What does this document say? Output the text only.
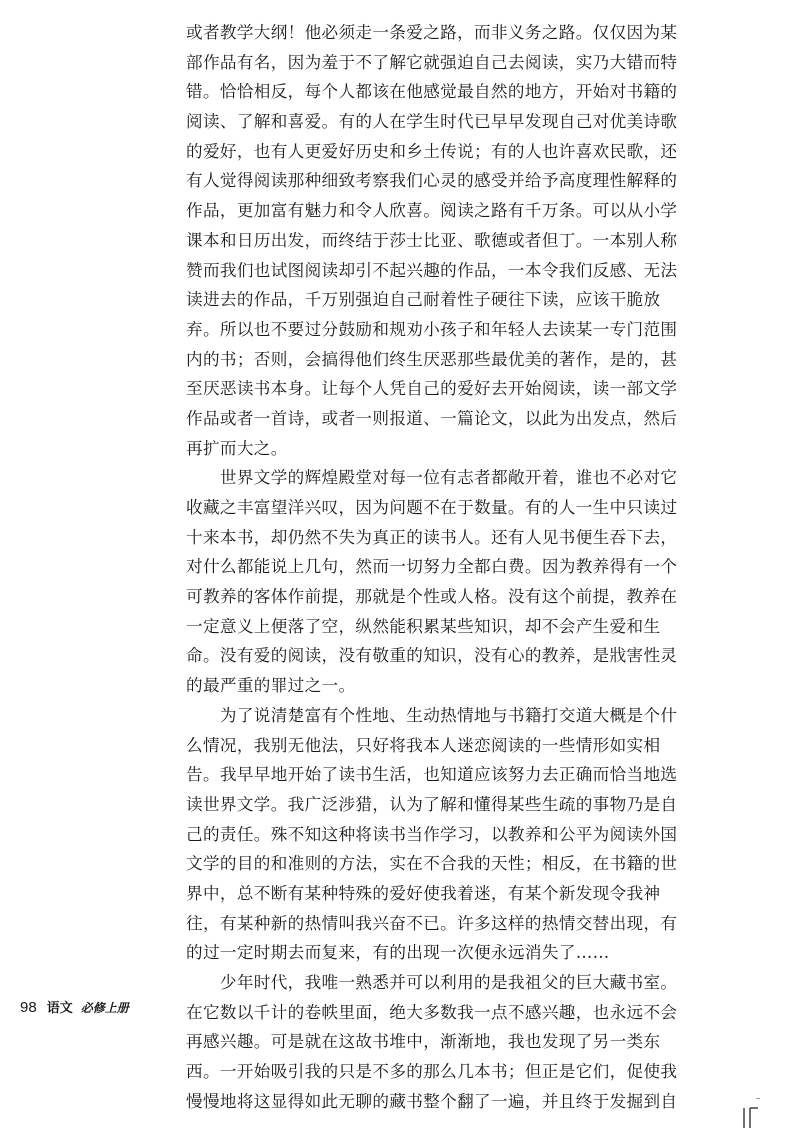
或者教学大纲！他必须走一条爱之路，而非义务之路。仅仅因为某
部作品有名，因为羞于不了解它就强迫自己去阅读，实乃大错而特
错。恰恰相反，每个人都该在他感觉最自然的地方，开始对书籍的
阅读、了解和喜爱。有的人在学生时代已早早发现自己对优美诗歌
的爱好，也有人更爱好历史和乡土传说；有的人也许喜欢民歌，还
有人觉得阅读那种细致考察我们心灵的感受并给予高度理性解释的
作品，更加富有魅力和令人欣喜。阅读之路有千万条。可以从小学
课本和日历出发，而终结于莎士比亚、歌德或者但丁。一本别人称
赞而我们也试图阅读却引不起兴趣的作品，一本令我们反感、无法
读进去的作品，千万别强迫自己耐着性子硬往下读，应该干脆放
弃。所以也不要过分鼓励和规劝小孩子和年轻人去读某一专门范围
内的书；否则，会搞得他们终生厌恶那些最优美的著作，是的，甚
至厌恶读书本身。让每个人凭自己的爱好去开始阅读，读一部文学
作品或者一首诗，或者一则报道、一篇论文，以此为出发点，然后
再扩而大之。
　　世界文学的辉煌殿堂对每一位有志者都敞开着，谁也不必对它
收藏之丰富望洋兴叹，因为问题不在于数量。有的人一生中只读过
十来本书，却仍然不失为真正的读书人。还有人见书便生吞下去，
对什么都能说上几句，然而一切努力全都白费。因为教养得有一个
可教养的客体作前提，那就是个性或人格。没有这个前提，教养在
一定意义上便落了空，纵然能积累某些知识，却不会产生爱和生
命。没有爱的阅读，没有敬重的知识，没有心的教养，是戕害性灵
的最严重的罪过之一。
　　为了说清楚富有个性地、生动热情地与书籍打交道大概是个什
么情况，我别无他法，只好将我本人迷恋阅读的一些情形如实相
告。我早早地开始了读书生活，也知道应该努力去正确而恰当地选
读世界文学。我广泛涉猎，认为了解和懂得某些生疏的事物乃是自
己的责任。殊不知这种将读书当作学习，以教养和公平为阅读外国
文学的目的和准则的方法，实在不合我的天性；相反，在书籍的世
界中，总不断有某种特殊的爱好使我着迷，有某个新发现令我神
往，有某种新的热情叫我兴奋不已。许多这样的热情交替出现，有
的过一定时期去而复来，有的出现一次便永远消失了……
　　少年时代，我唯一熟悉并可以利用的是我祖父的巨大藏书室。
在它数以千计的卷帙里面，绝大多数我一点不感兴趣，也永远不会
再感兴趣。可是就在这故书堆中，渐渐地，我也发现了另一类东
西。一开始吸引我的只是不多的那么几本书；但正是它们，促使我
慢慢地将这显得如此无聊的藏书整个翻了一遍，并且终于发掘到自
98 语文 必修上册
